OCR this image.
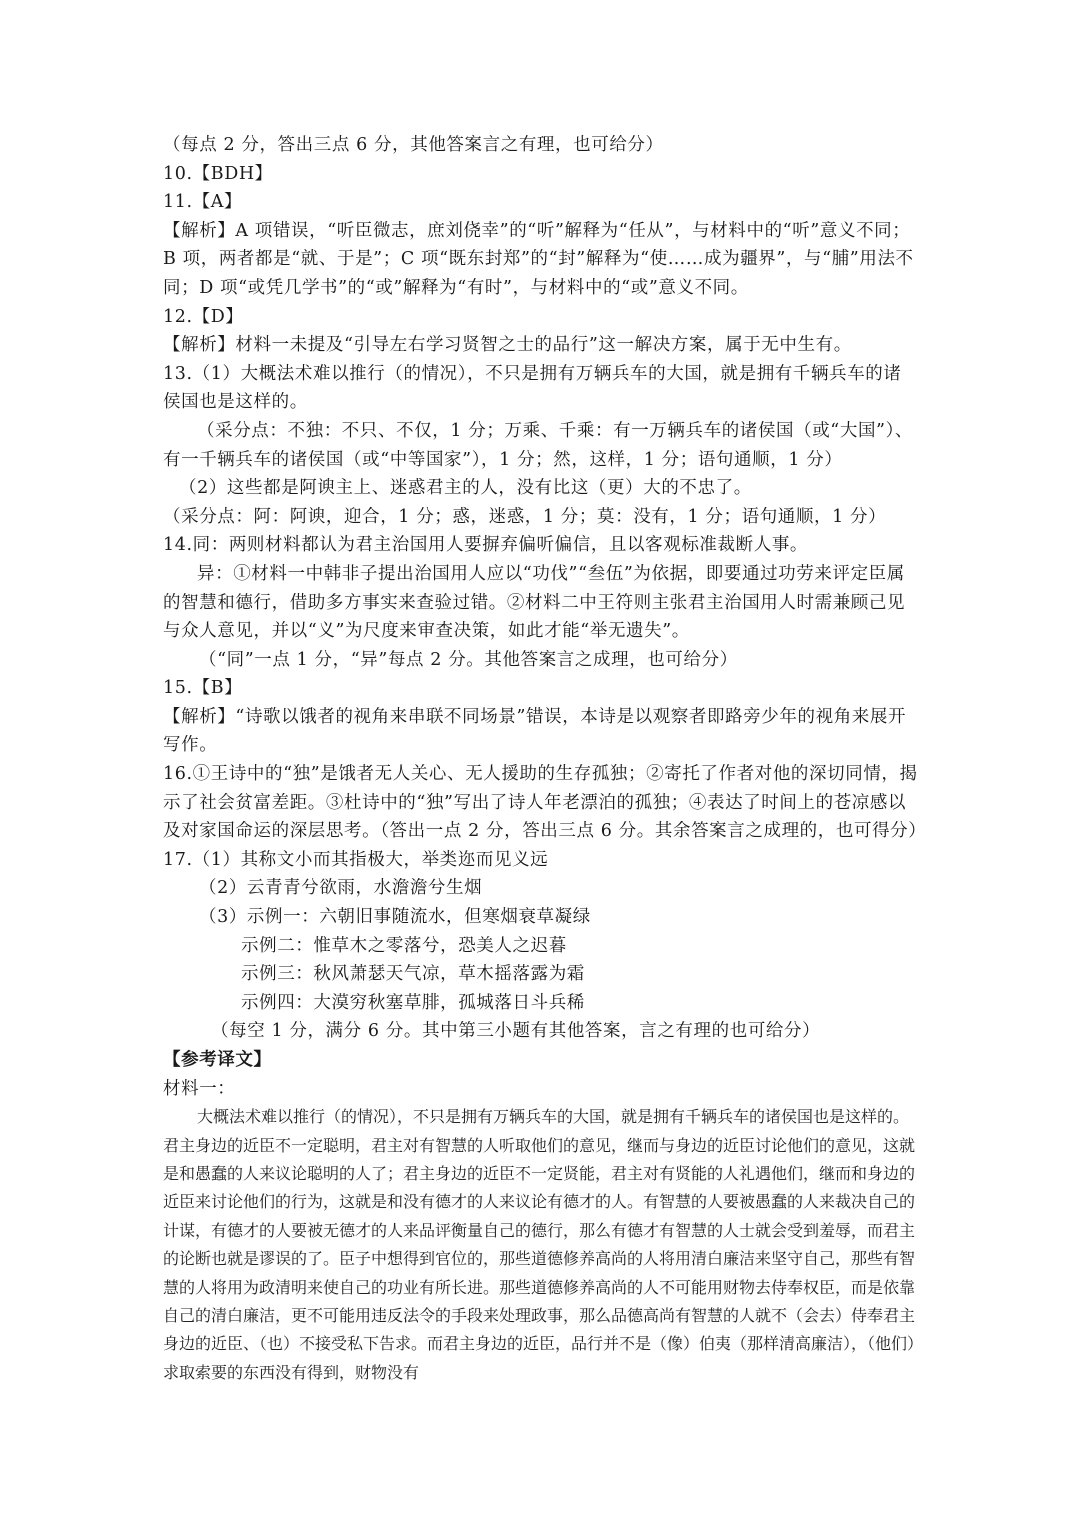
（每点 2 分，答出三点 6 分，其他答案言之有理，也可给分）

10.【BDH】

11.【A】

【解析】A 项错误，“听臣微志，庶刘侥幸”的“听”解释为“任从”，与材料中的“听”意义不同；B 项，两者都是“就、于是”；C 项“既东封郑”的“封”解释为“使……成为疆界”，与“脯”用法不同；D 项“或凭几学书”的“或”解释为“有时”，与材料中的“或”意义不同。

12.【D】

【解析】材料一未提及“引导左右学习贤智之士的品行”这一解决方案，属于无中生有。

13.（1）大概法术难以推行（的情况），不只是拥有万辆兵车的大国，就是拥有千辆兵车的诸侯国也是这样的。

（采分点：不独：不只、不仅，1 分；万乘、千乘：有一万辆兵车的诸侯国（或“大国”）、有一千辆兵车的诸侯国（或“中等国家”），1 分；然，这样，1 分；语句通顺，1 分）

（2）这些都是阿谀主上、迷惑君主的人，没有比这（更）大的不忠了。

（采分点：阿：阿谀，迎合，1 分；惑，迷惑，1 分；莫：没有，1 分；语句通顺，1 分）

14.同：两则材料都认为君主治国用人要摒弃偏听偏信，且以客观标准裁断人事。

异：①材料一中韩非子提出治国用人应以“功伐”“叁伍”为依据，即要通过功劳来评定臣属的智慧和德行，借助多方事实来查验过错。②材料二中王符则主张君主治国用人时需兼顾己见与众人意见，并以“义”为尺度来审查决策，如此才能“举无遗失”。

（“同”一点 1 分，“异”每点 2 分。其他答案言之成理，也可给分）

15.【B】

【解析】“诗歌以饿者的视角来串联不同场景”错误，本诗是以观察者即路旁少年的视角来展开写作。

16.①王诗中的“独”是饿者无人关心、无人援助的生存孤独；②寄托了作者对他的深切同情，揭示了社会贫富差距。③杜诗中的“独”写出了诗人年老漂泊的孤独；④表达了时间上的苍凉感以及对家国命运的深层思考。（答出一点 2 分，答出三点 6 分。其余答案言之成理的，也可得分）

17.（1）其称文小而其指极大，举类迩而见义远

（2）云青青兮欲雨，水澹澹兮生烟

（3）示例一：六朝旧事随流水，但寒烟衰草凝绿

示例二：惟草木之零落兮，恐美人之迟暮

示例三：秋风萧瑟天气凉，草木摇落露为霜

示例四：大漠穷秋塞草腓，孤城落日斗兵稀

（每空 1 分，满分 6 分。其中第三小题有其他答案，言之有理的也可给分）

【参考译文】

材料一：

大概法术难以推行（的情况），不只是拥有万辆兵车的大国，就是拥有千辆兵车的诸侯国也是这样的。君主身边的近臣不一定聪明，君主对有智慧的人听取他们的意见，继而与身边的近臣讨论他们的意见，这就是和愚蠢的人来议论聪明的人了；君主身边的近臣不一定贤能，君主对有贤能的人礼遇他们，继而和身边的近臣来讨论他们的行为，这就是和没有德才的人来议论有德才的人。有智慧的人要被愚蠢的人来裁决自己的计谋，有德才的人要被无德才的人来品评衡量自己的德行，那么有德才有智慧的人士就会受到羞辱，而君主的论断也就是谬误的了。臣子中想得到官位的，那些道德修养高尚的人将用清白廉洁来坚守自己，那些有智慧的人将用为政清明来使自己的功业有所长进。那些道德修养高尚的人不可能用财物去侍奉权臣，而是依靠自己的清白廉洁，更不可能用违反法令的手段来处理政事，那么品德高尚有智慧的人就不（会去）侍奉君主身边的近臣、（也）不接受私下告求。而君主身边的近臣，品行并不是（像）伯夷（那样清高廉洁），（他们）求取索要的东西没有得到，财物没有
